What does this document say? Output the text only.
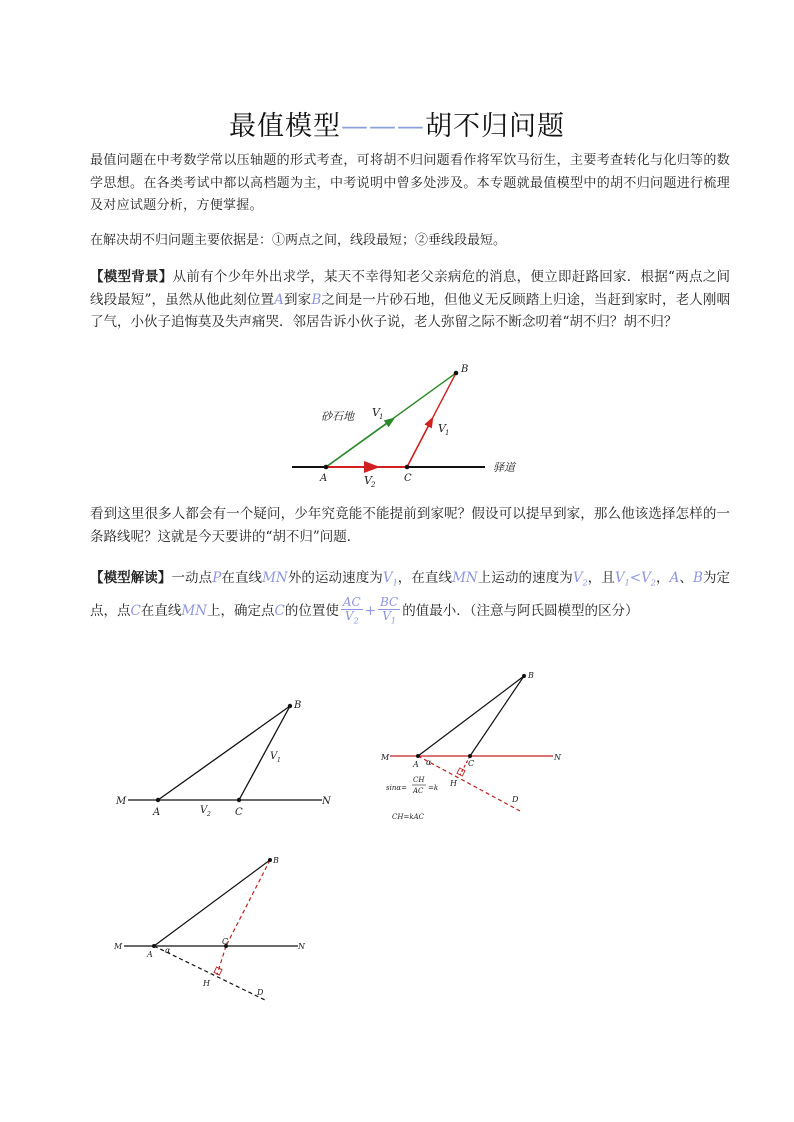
最值模型———胡不归问题
最值问题在中考数学常以压轴题的形式考查，可将胡不归问题看作将军饮马衍生，主要考查转化与化归等的数学思想。在各类考试中都以高档题为主，中考说明中曾多处涉及。本专题就最值模型中的胡不归问题进行梳理及对应试题分析，方便掌握。
在解决胡不归问题主要依据是：①两点之间，线段最短；②垂线段最短。
【模型背景】从前有个少年外出求学，某天不幸得知老父亲病危的消息，便立即赶路回家．根据“两点之间线段最短”，虽然从他此刻位置A到家B之间是一片砂石地，但他义无反顾踏上归途，当赶到家时，老人刚咽了气，小伙子追悔莫及失声痛哭．邻居告诉小伙子说，老人弥留之际不断念叨着“胡不归？胡不归？
B
A	C
砂石地
驿道
V 1
V 1
V 2
看到这里很多人都会有一个疑问，少年究竟能不能提前到家呢？假设可以提早到家，那么他该选择怎样的一条路线呢？这就是今天要讲的“胡不归”问题．
【模型解读】一动点P在直线MN外的运动速度为$V_1$，在直线MN上运动的速度为$V_2$，且$V_1<V_2$，A、B为定点，点C在直线MN上，确定点C的位置使 $\frac{AC}{V_2} + \frac{BC}{V_1}$ 的值最小．（注意与阿氏圆模型的区分）
B
M
A	C
N
V 2
V 1
B
M
A α	C
N
H
D
sinα=
CH
AC =k
CH=kAC
B
M
A α
C
N
H
D
